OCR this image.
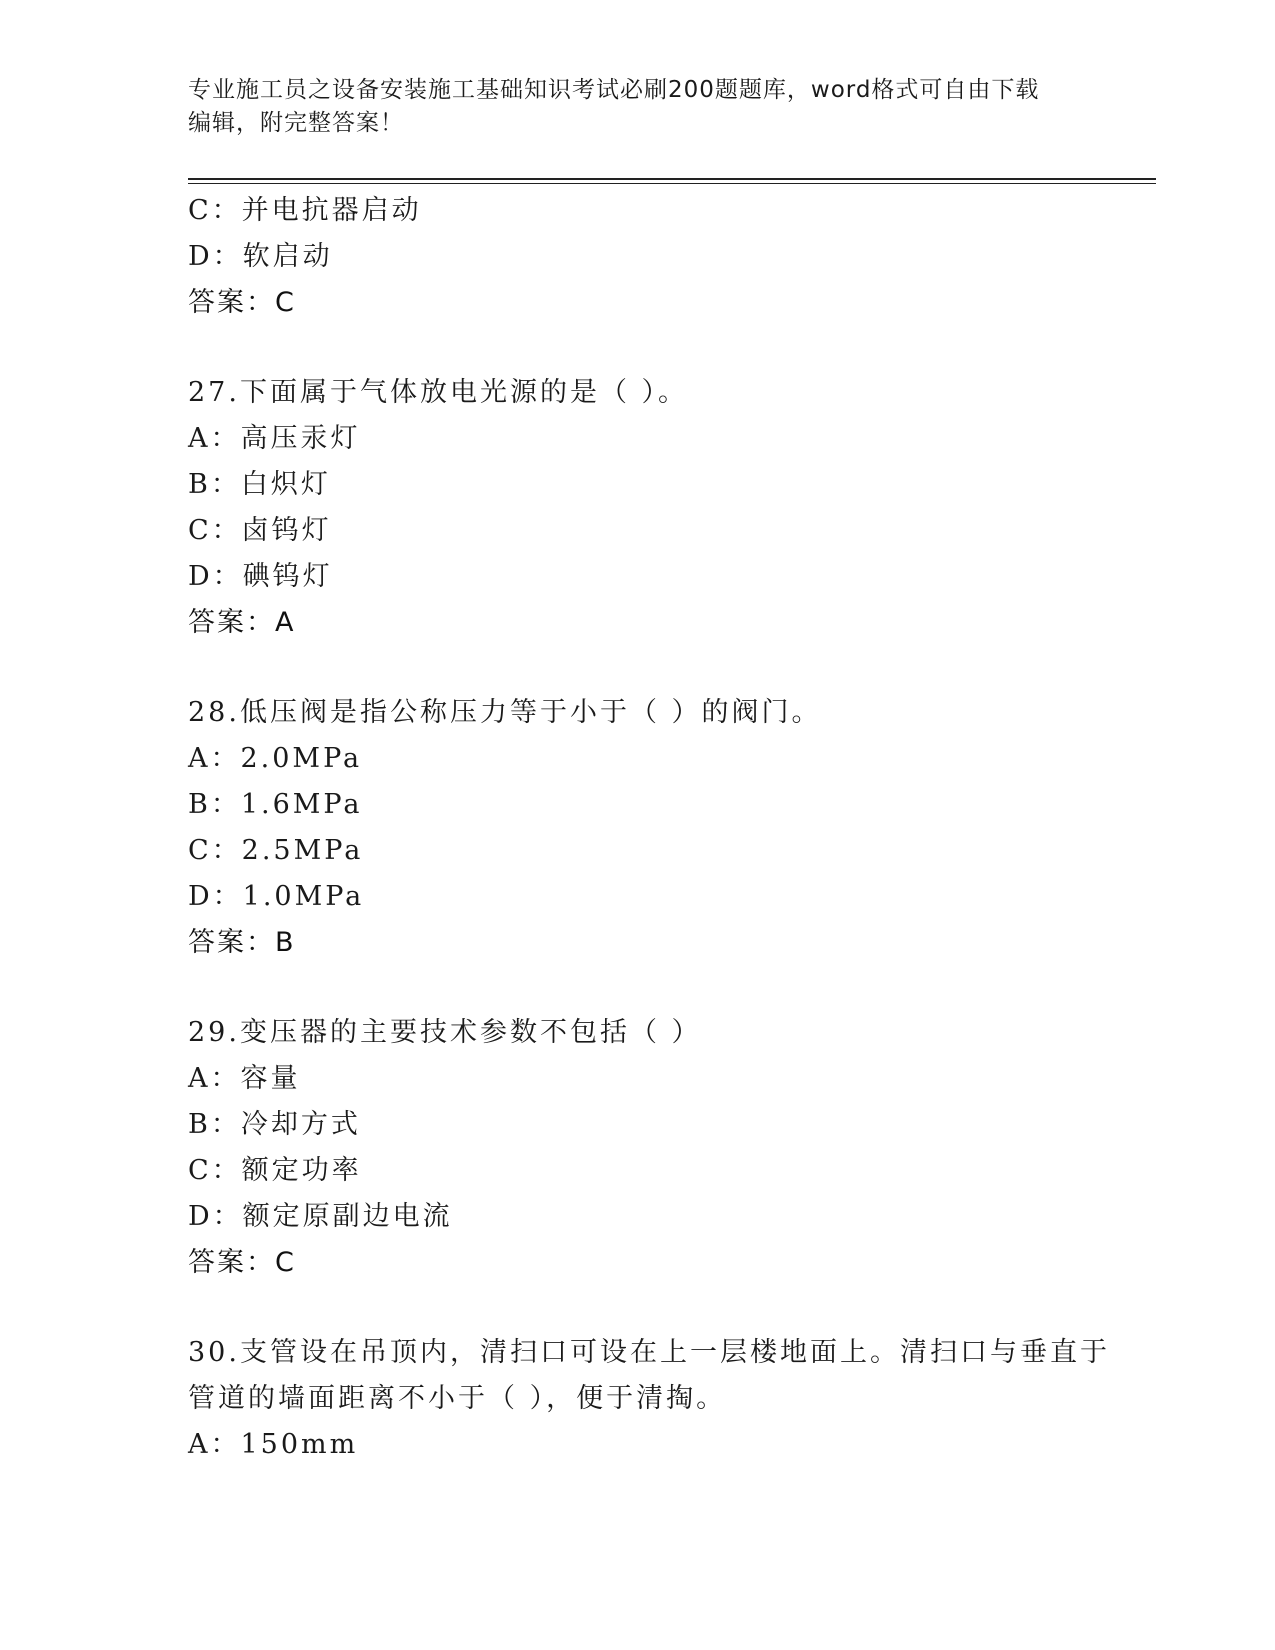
专业施工员之设备安装施工基础知识考试必刷200题题库，word格式可自由下载
编辑，附完整答案！
C：并电抗器启动
D：软启动
答案：C
27.下面属于气体放电光源的是（ ）。
A：高压汞灯
B：白炽灯
C：卤钨灯
D：碘钨灯
答案：A
28.低压阀是指公称压力等于小于（ ）的阀门。
A：2.0MPa
B：1.6MPa
C：2.5MPa
D：1.0MPa
答案：B
29.变压器的主要技术参数不包括（ ）
A：容量
B：冷却方式
C：额定功率
D：额定原副边电流
答案：C
30.支管设在吊顶内，清扫口可设在上一层楼地面上。清扫口与垂直于
管道的墙面距离不小于（ ），便于清掏。
A：150mm
